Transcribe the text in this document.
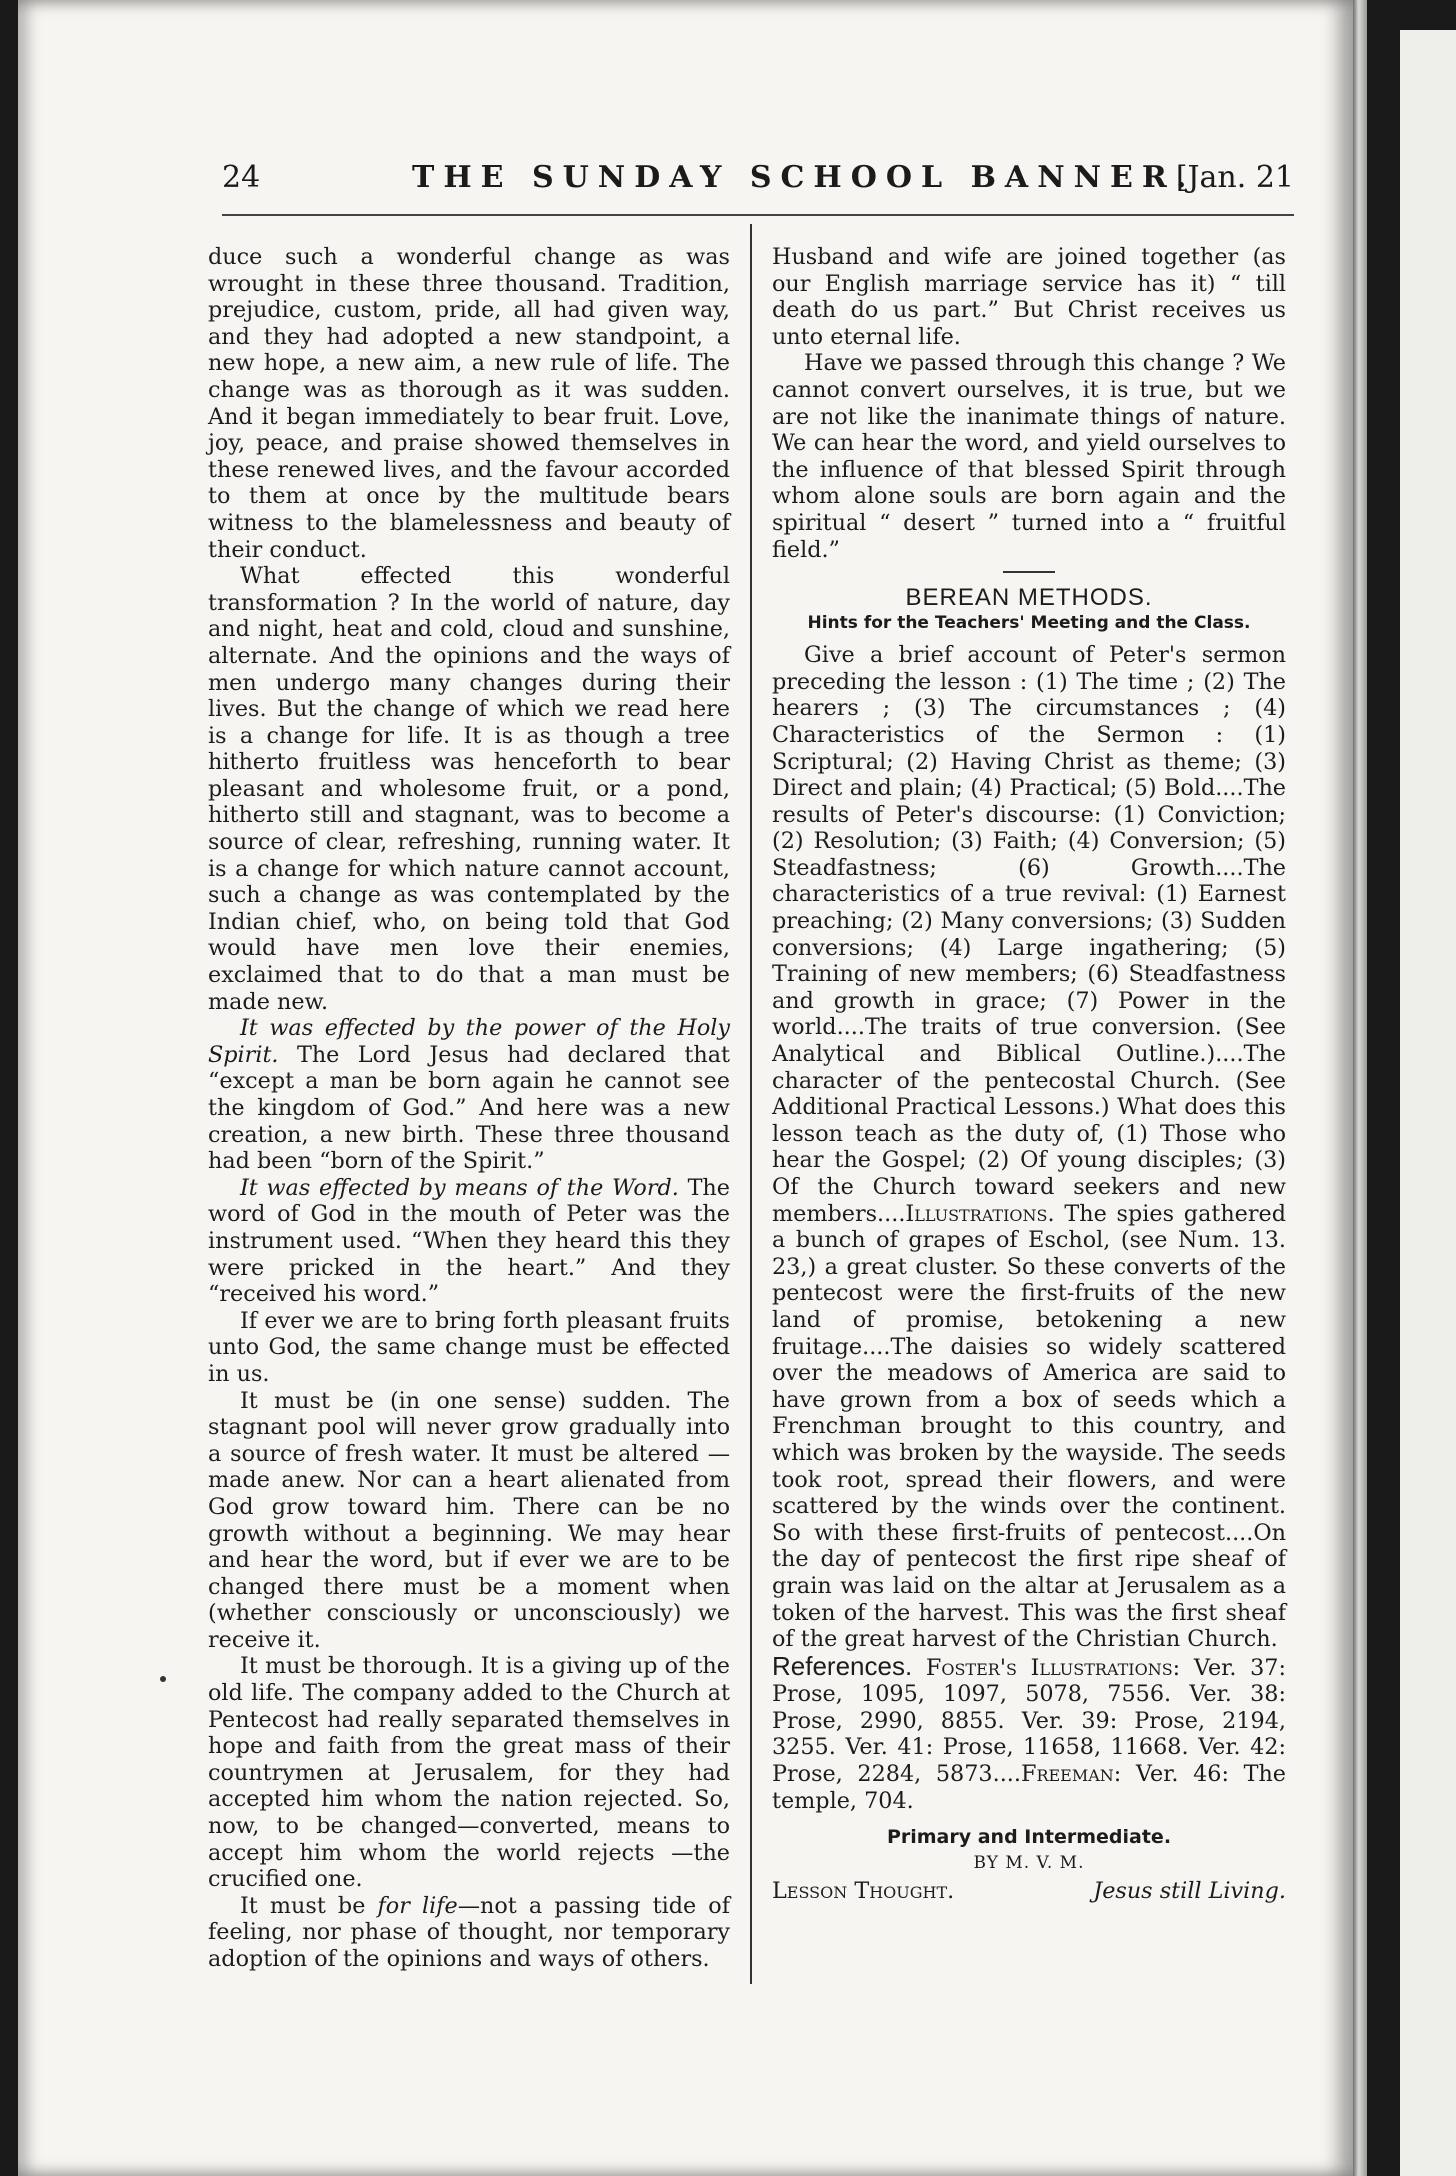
24	THE SUNDAY SCHOOL BANNER.
[Jan. 21

duce such a wonderful change as was wrought in these three thousand. Tradition, prejudice, custom, pride, all had given way, and they had adopted a new standpoint, a new hope, a new aim, a new rule of life. The change was as thorough as it was sudden. And it began immediately to bear fruit. Love, joy, peace, and praise showed themselves in these renewed lives, and the favour accorded to them at once by the multitude bears witness to the blamelessness and beauty of their conduct.

What effected this wonderful transformation ? In the world of nature, day and night, heat and cold, cloud and sunshine, alternate. And the opinions and the ways of men undergo many changes during their lives. But the change of which we read here is a change for life. It is as though a tree hitherto fruitless was henceforth to bear pleasant and wholesome fruit, or a pond, hitherto still and stagnant, was to become a source of clear, refreshing, running water. It is a change for which nature cannot account, such a change as was contemplated by the Indian chief, who, on being told that God would have men love their enemies, exclaimed that to do that a man must be made new.

It was effected by the power of the Holy Spirit. The Lord Jesus had declared that “except a man be born again he cannot see the kingdom of God.” And here was a new creation, a new birth. These three thousand had been “born of the Spirit.”

It was effected by means of the Word. The word of God in the mouth of Peter was the instrument used. “When they heard this they were pricked in the heart.” And they “received his word.”

If ever we are to bring forth pleasant fruits unto God, the same change must be effected in us.

It must be (in one sense) sudden. The stagnant pool will never grow gradually into a source of fresh water. It must be altered —made anew. Nor can a heart alienated from God grow toward him. There can be no growth without a beginning. We may hear and hear the word, but if ever we are to be changed there must be a moment when (whether consciously or unconsciously) we receive it.

It must be thorough. It is a giving up of the old life. The company added to the Church at Pentecost had really separated themselves in hope and faith from the great mass of their countrymen at Jerusalem, for they had accepted him whom the nation rejected. So, now, to be changed—converted, means to accept him whom the world rejects —the crucified one.

It must be for life—not a passing tide of feeling, nor phase of thought, nor temporary adoption of the opinions and ways of others.

Husband and wife are joined together (as our English marriage service has it) “ till death do us part.” But Christ receives us unto eternal life.

Have we passed through this change ? We cannot convert ourselves, it is true, but we are not like the inanimate things of nature. We can hear the word, and yield ourselves to the influence of that blessed Spirit through whom alone souls are born again and the spiritual “ desert ” turned into a “ fruitful field.”

BEREAN METHODS.
Hints for the Teachers' Meeting and the Class.

Give a brief account of Peter's sermon preceding the lesson : (1) The time ; (2) The hearers ; (3) The circumstances ; (4) Characteristics of the Sermon : (1) Scriptural; (2) Having Christ as theme; (3) Direct and plain; (4) Practical; (5) Bold....The results of Peter's discourse: (1) Conviction; (2) Resolution; (3) Faith; (4) Conversion; (5) Steadfastness; (6) Growth....The characteristics of a true revival: (1) Earnest preaching; (2) Many conversions; (3) Sudden conversions; (4) Large ingathering; (5) Training of new members; (6) Steadfastness and growth in grace; (7) Power in the world....The traits of true conversion. (See Analytical and Biblical Outline.)....The character of the pentecostal Church. (See Additional Practical Lessons.) What does this lesson teach as the duty of, (1) Those who hear the Gospel; (2) Of young disciples; (3) Of the Church toward seekers and new members....Illustrations. The spies gathered a bunch of grapes of Eschol, (see Num. 13. 23,) a great cluster. So these converts of the pentecost were the first-fruits of the new land of promise, betokening a new fruitage....The daisies so widely scattered over the meadows of America are said to have grown from a box of seeds which a Frenchman brought to this country, and which was broken by the wayside. The seeds took root, spread their flowers, and were scattered by the winds over the continent. So with these first-fruits of pentecost....On the day of pentecost the first ripe sheaf of grain was laid on the altar at Jerusalem as a token of the harvest. This was the first sheaf of the great harvest of the Christian Church.

References. Foster's Illustrations: Ver. 37: Prose, 1095, 1097, 5078, 7556. Ver. 38: Prose, 2990, 8855. Ver. 39: Prose, 2194, 3255. Ver. 41: Prose, 11658, 11668. Ver. 42: Prose, 2284, 5873....Freeman: Ver. 46: The temple, 704.

Primary and Intermediate.
BY M. V. M.
Lesson Thought.	Jesus still Living.
